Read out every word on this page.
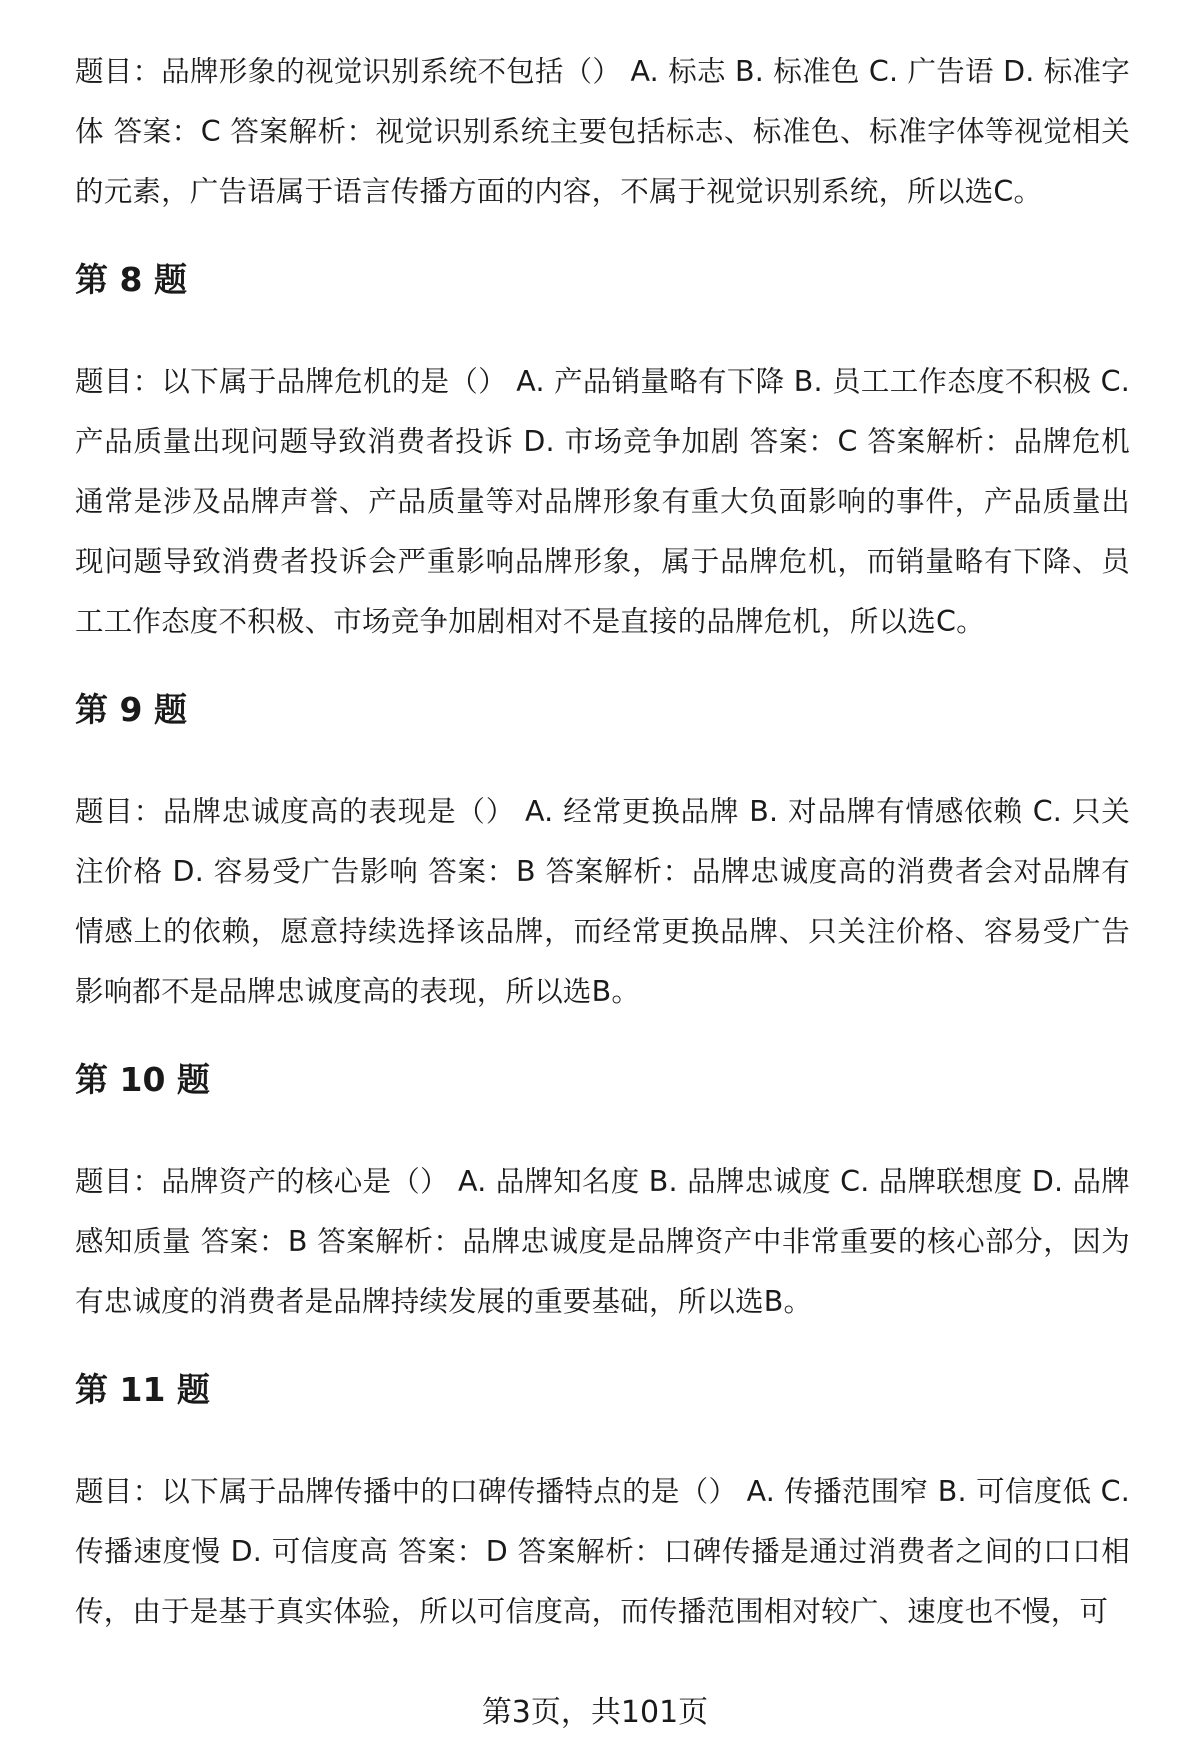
题目：品牌形象的视觉识别系统不包括（） A. 标志 B. 标准色 C. 广告语 D. 标准字体 答案：C 答案解析：视觉识别系统主要包括标志、标准色、标准字体等视觉相关的元素，广告语属于语言传播方面的内容，不属于视觉识别系统，所以选C。

第 8 题

题目：以下属于品牌危机的是（） A. 产品销量略有下降 B. 员工工作态度不积极 C. 产品质量出现问题导致消费者投诉 D. 市场竞争加剧 答案：C 答案解析：品牌危机通常是涉及品牌声誉、产品质量等对品牌形象有重大负面影响的事件，产品质量出现问题导致消费者投诉会严重影响品牌形象，属于品牌危机，而销量略有下降、员工工作态度不积极、市场竞争加剧相对不是直接的品牌危机，所以选C。

第 9 题

题目：品牌忠诚度高的表现是（） A. 经常更换品牌 B. 对品牌有情感依赖 C. 只关注价格 D. 容易受广告影响 答案：B 答案解析：品牌忠诚度高的消费者会对品牌有情感上的依赖，愿意持续选择该品牌，而经常更换品牌、只关注价格、容易受广告影响都不是品牌忠诚度高的表现，所以选B。

第 10 题

题目：品牌资产的核心是（） A. 品牌知名度 B. 品牌忠诚度 C. 品牌联想度 D. 品牌感知质量 答案：B 答案解析：品牌忠诚度是品牌资产中非常重要的核心部分，因为有忠诚度的消费者是品牌持续发展的重要基础，所以选B。

第 11 题

题目：以下属于品牌传播中的口碑传播特点的是（） A. 传播范围窄 B. 可信度低 C. 传播速度慢 D. 可信度高 答案：D 答案解析：口碑传播是通过消费者之间的口口相传，由于是基于真实体验，所以可信度高，而传播范围相对较广、速度也不慢，可

第3页，共101页
